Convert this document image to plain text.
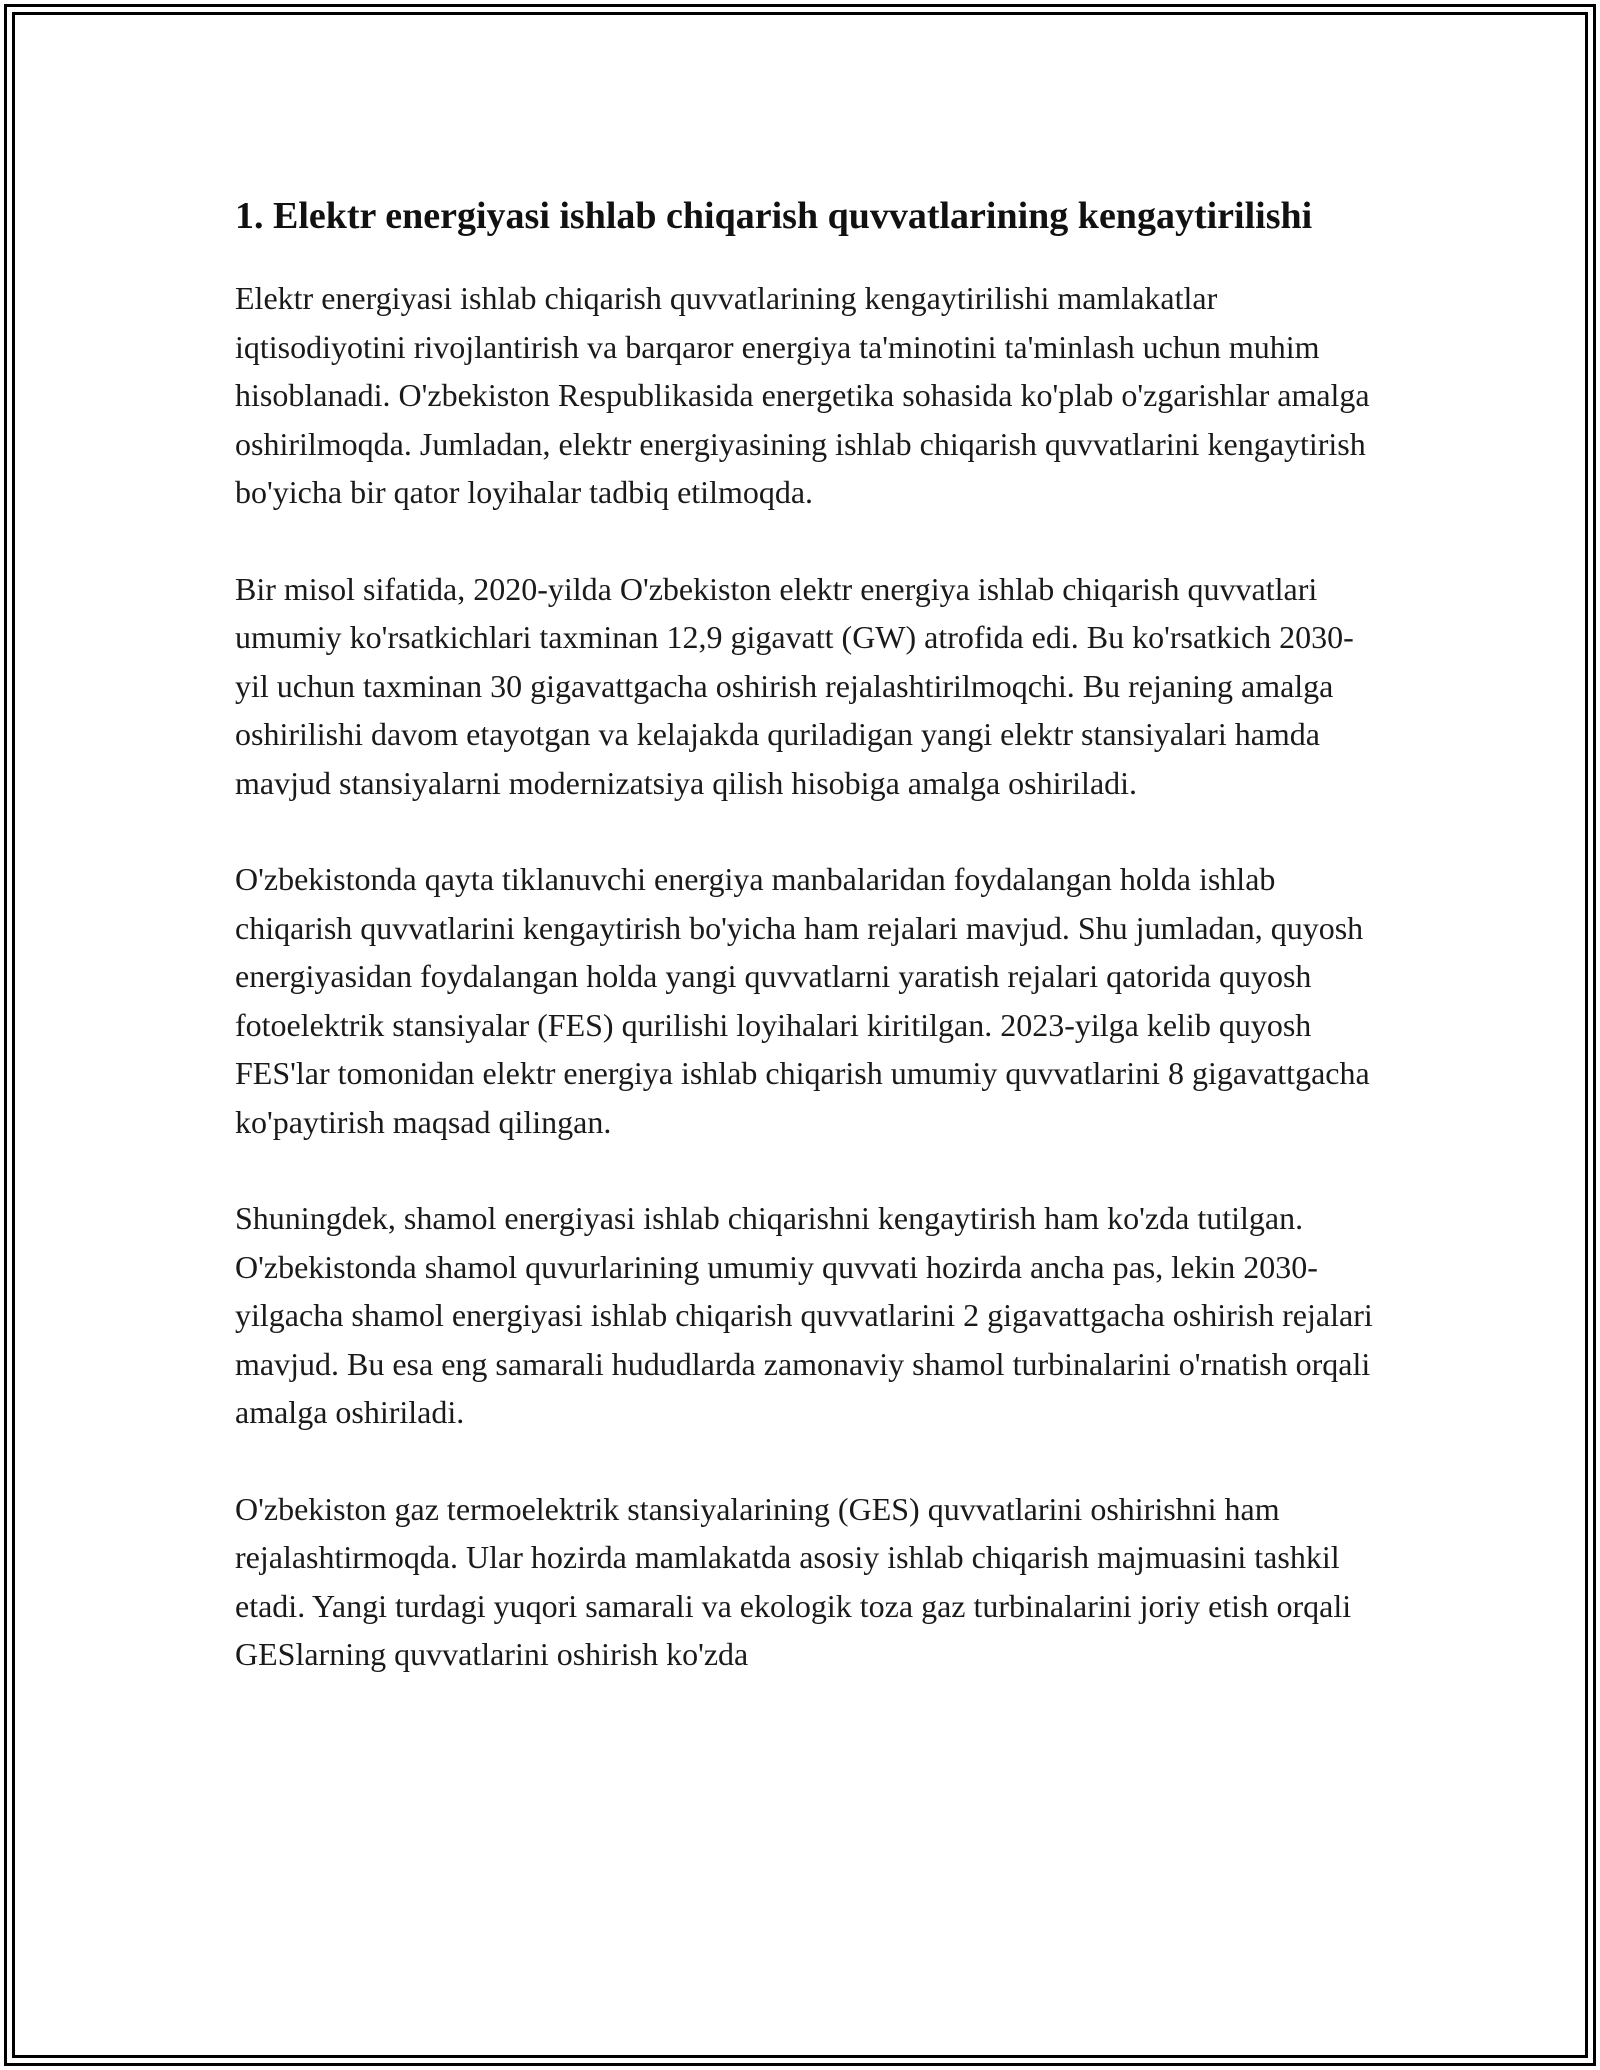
1. Elektr energiyasi ishlab chiqarish quvvatlarining kengaytirilishi

Elektr energiyasi ishlab chiqarish quvvatlarining kengaytirilishi mamlakatlar iqtisodiyotini rivojlantirish va barqaror energiya ta'minotini ta'minlash uchun muhim hisoblanadi. O'zbekiston Respublikasida energetika sohasida ko'plab o'zgarishlar amalga oshirilmoqda. Jumladan, elektr energiyasining ishlab chiqarish quvvatlarini kengaytirish bo'yicha bir qator loyihalar tadbiq etilmoqda.

Bir misol sifatida, 2020-yilda O'zbekiston elektr energiya ishlab chiqarish quvvatlari umumiy ko'rsatkichlari taxminan 12,9 gigavatt (GW) atrofida edi. Bu ko'rsatkich 2030-yil uchun taxminan 30 gigavattgacha oshirish rejalashtirilmoqchi. Bu rejaning amalga oshirilishi davom etayotgan va kelajakda quriladigan yangi elektr stansiyalari hamda mavjud stansiyalarni modernizatsiya qilish hisobiga amalga oshiriladi.

O'zbekistonda qayta tiklanuvchi energiya manbalaridan foydalangan holda ishlab chiqarish quvvatlarini kengaytirish bo'yicha ham rejalari mavjud. Shu jumladan, quyosh energiyasidan foydalangan holda yangi quvvatlarni yaratish rejalari qatorida quyosh fotoelektrik stansiyalar (FES) qurilishi loyihalari kiritilgan. 2023-yilga kelib quyosh FES'lar tomonidan elektr energiya ishlab chiqarish umumiy quvvatlarini 8 gigavattgacha ko'paytirish maqsad qilingan.

Shuningdek, shamol energiyasi ishlab chiqarishni kengaytirish ham ko'zda tutilgan. O'zbekistonda shamol quvurlarining umumiy quvvati hozirda ancha pas, lekin 2030-yilgacha shamol energiyasi ishlab chiqarish quvvatlarini 2 gigavattgacha oshirish rejalari mavjud. Bu esa eng samarali hududlarda zamonaviy shamol turbinalarini o'rnatish orqali amalga oshiriladi.

O'zbekiston gaz termoelektrik stansiyalarining (GES) quvvatlarini oshirishni ham rejalashtirmoqda. Ular hozirda mamlakatda asosiy ishlab chiqarish majmuasini tashkil etadi. Yangi turdagi yuqori samarali va ekologik toza gaz turbinalarini joriy etish orqali GESlarning quvvatlarini oshirish ko'zda
